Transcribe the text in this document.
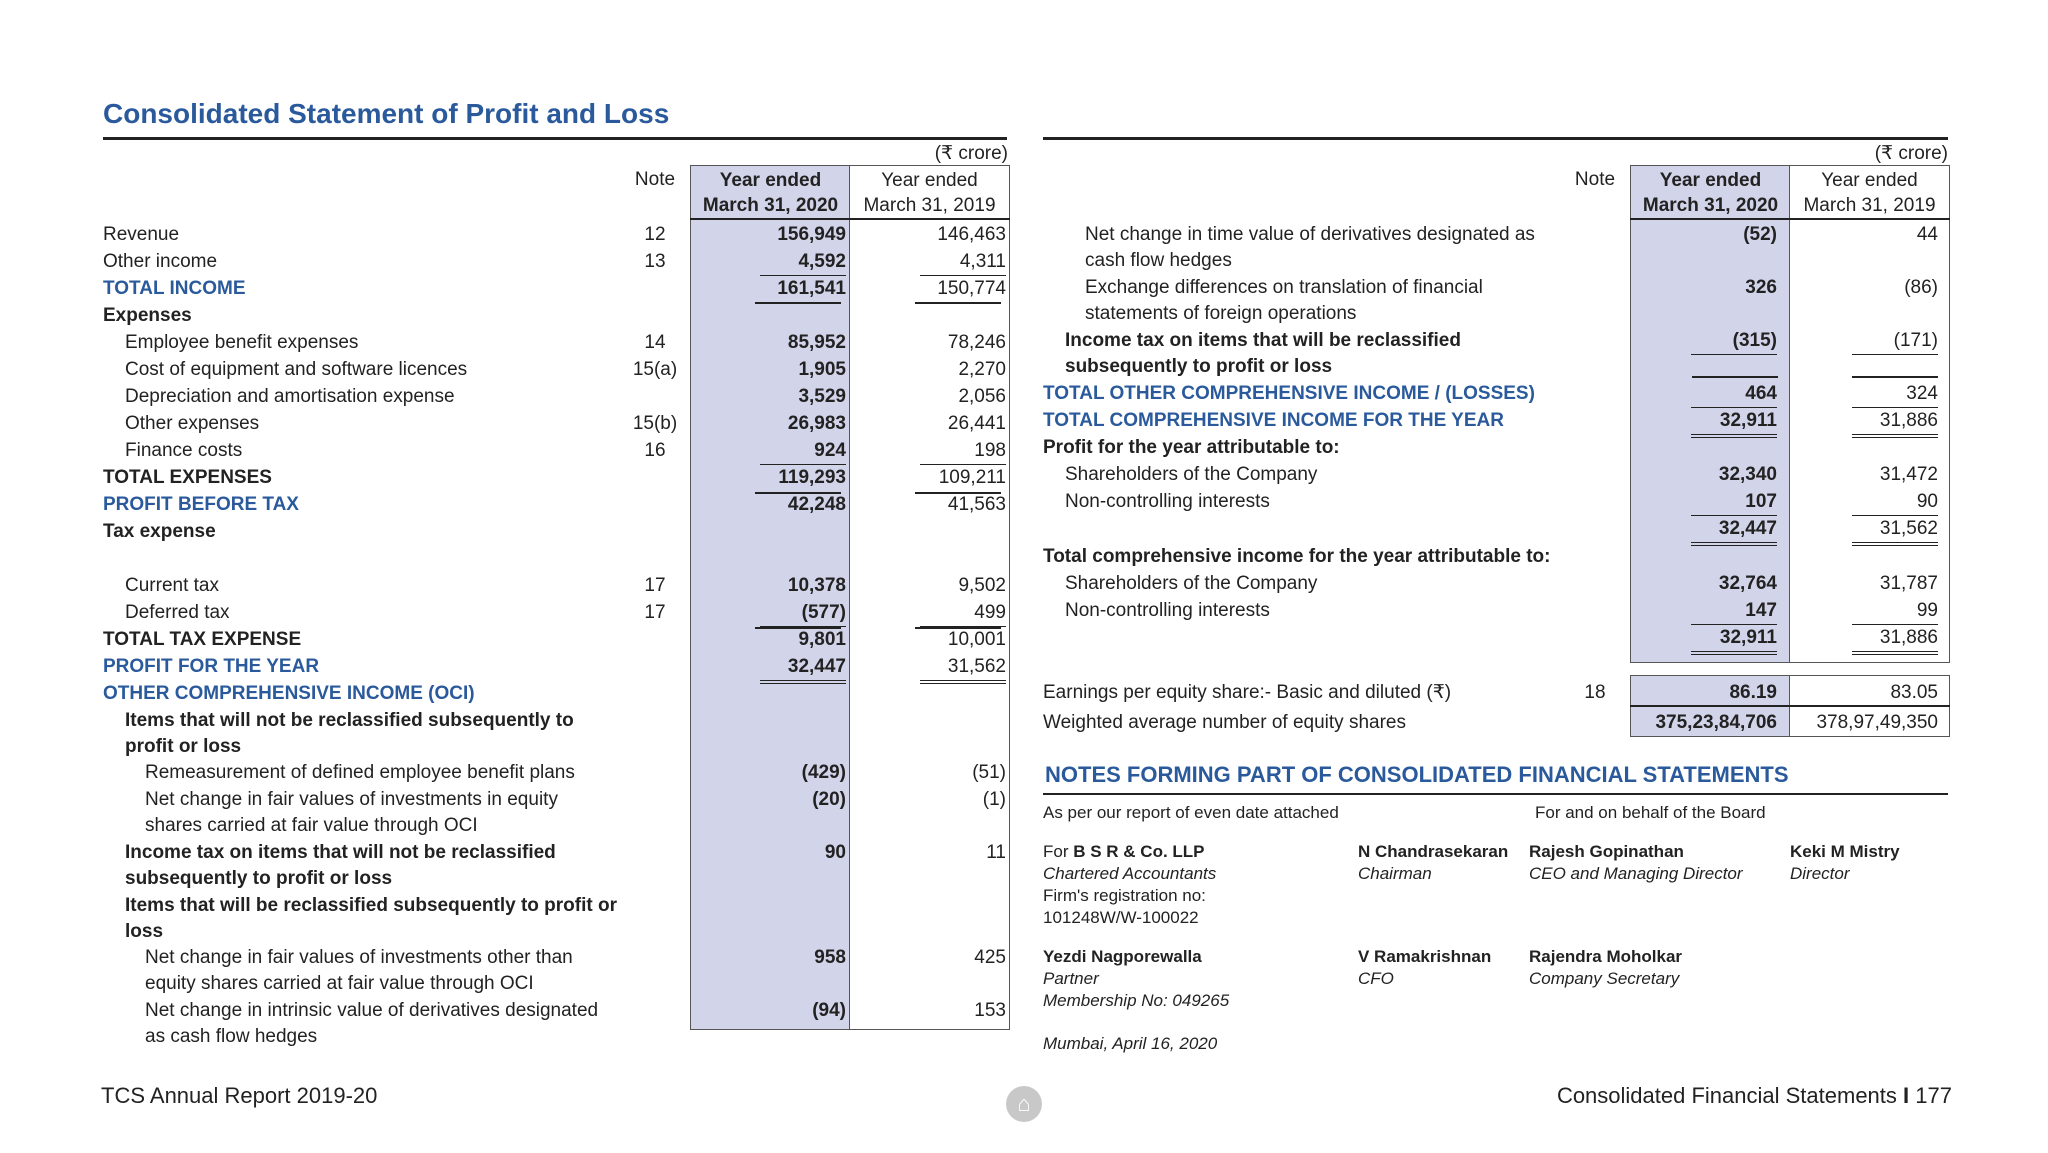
Consolidated Statement of Profit and Loss
(₹ crore)
Note	Year ended
March 31, 2020
Year ended
March 31, 2019
Revenue	12	156,949	146,463
Other income	13	4,592	4,311
TOTAL INCOME	161,541	150,774
Expenses
Employee benefit expenses	14	85,952	78,246
Cost of equipment and software licences	15(a)	1,905	2,270
Depreciation and amortisation expense	3,529	2,056
Other expenses	15(b)	26,983	26,441
Finance costs	16	924	198
TOTAL EXPENSES	119,293	109,211
PROFIT BEFORE TAX	42,248	41,563
Tax expense
Current tax	17	10,378	9,502
Deferred tax	17	(577)	499
TOTAL TAX EXPENSE	9,801	10,001
PROFIT FOR THE YEAR	32,447	31,562
OTHER COMPREHENSIVE INCOME (OCI)
Items that will not be reclassified subsequently to
profit or loss
Remeasurement of defined employee benefit plans	(429)	(51)
Net change in fair values of investments in equity
shares carried at fair value through OCI
(20)	(1)
Income tax on items that will not be reclassified
subsequently to profit or loss
90	11
Items that will be reclassified subsequently to profit or
loss
Net change in fair values of investments other than
equity shares carried at fair value through OCI
958	425
Net change in intrinsic value of derivatives designated
as cash flow hedges
(94)	153
(₹ crore)
Note	Year ended
March 31, 2020
Year ended
March 31, 2019
Net change in time value of derivatives designated as
cash flow hedges
(52)	44
Exchange differences on translation of financial
statements of foreign operations
326	(86)
Income tax on items that will be reclassified
subsequently to profit or loss
(315)	(171)
TOTAL OTHER COMPREHENSIVE INCOME / (LOSSES)	464	324
TOTAL COMPREHENSIVE INCOME FOR THE YEAR	32,911	31,886
Profit for the year attributable to:
Shareholders of the Company	32,340	31,472
Non-controlling interests	107	90
32,447	31,562
Total comprehensive income for the year attributable to:
Shareholders of the Company	32,764	31,787
Non-controlling interests	147	99
32,911	31,886
Earnings per equity share:- Basic and diluted (₹)	18	86.19	83.05
Weighted average number of equity shares	375,23,84,706 378,97,49,350
NOTES FORMING PART OF CONSOLIDATED FINANCIAL STATEMENTS
As per our report of even date attached	For and on behalf of the Board
For B S R & Co. LLP
Chartered Accountants
Firm's registration no:
101248W/W-100022
Yezdi Nagporewalla
Partner
Membership No: 049265
Mumbai, April 16, 2020
N Chandrasekaran
Chairman
Rajesh Gopinathan
CEO and Managing Director
Keki M Mistry
Director
V Ramakrishnan
CFO
Rajendra Moholkar
Company Secretary
TCS Annual Report 2019-20	⌂	Consolidated Financial Statements I 177
